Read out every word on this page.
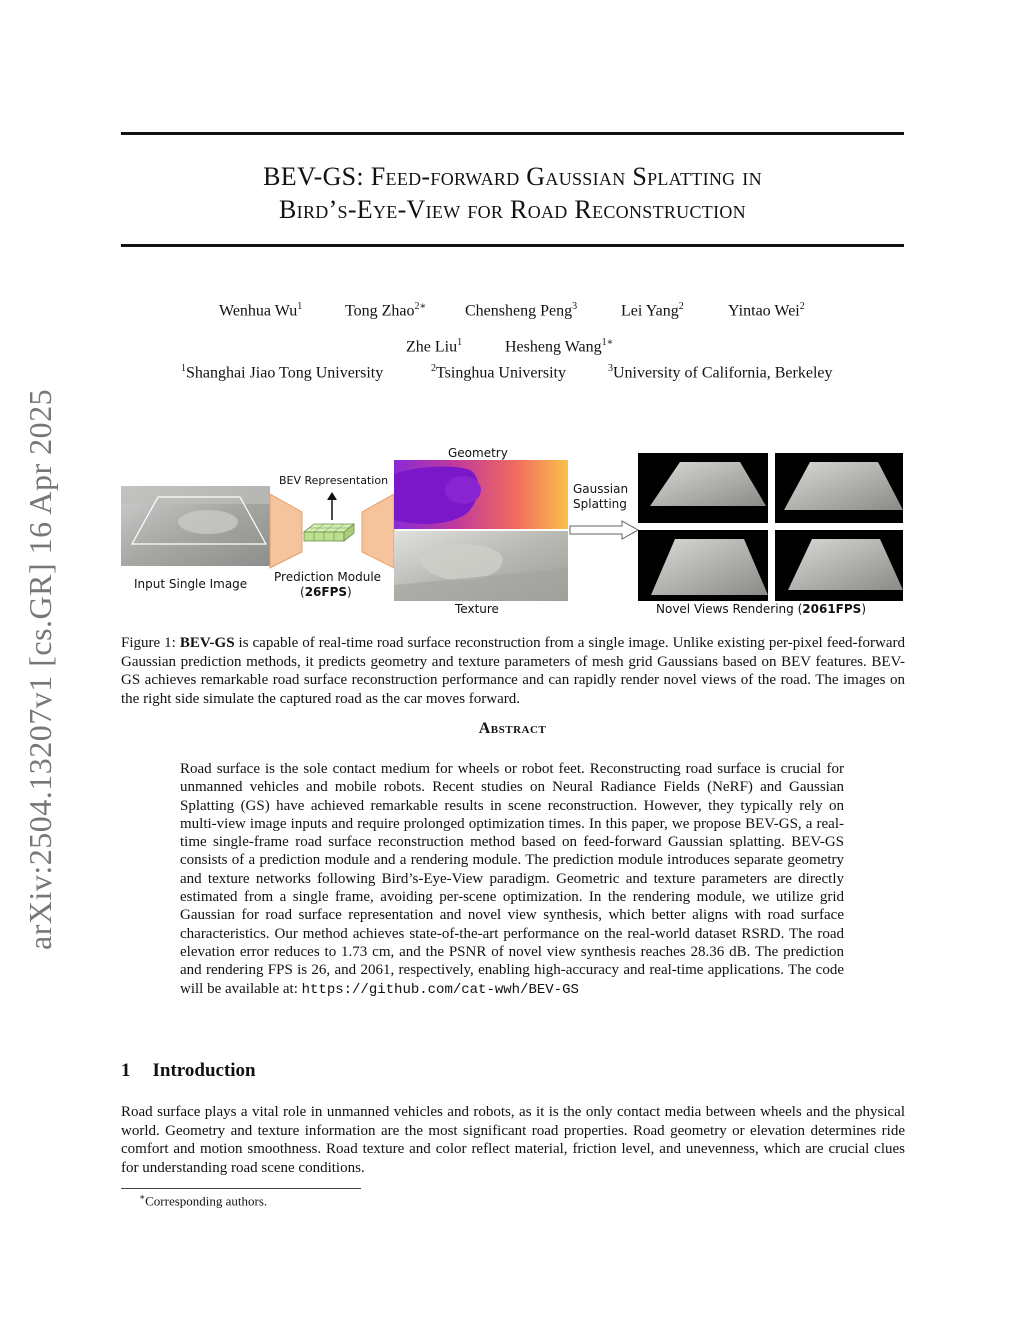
arXiv:2504.13207v1 [cs.GR] 16 Apr 2025
BEV-GS: Feed-forward Gaussian Splatting in
Bird’s-Eye-View for Road Reconstruction
Wenhua Wu$^1$	Tong Zhao$^{2∗}$ Chensheng Peng$^3$	Lei Yang$^2$	Yintao Wei$^2$
Zhe Liu$^1$	Hesheng Wang$^{1∗}$
$^1$Shanghai Jiao Tong University	$^2$Tsinghua University	$^3$University of California, Berkeley
Input Single Image
BEV Representation
Prediction Module
(26FPS)
Geometry
Texture
Gaussian
Splatting
Novel Views Rendering (2061FPS)
Figure 1: BEV-GS is capable of real-time road surface reconstruction from a single image. Unlike existing per-pixel feed-forward Gaussian prediction methods, it predicts geometry and texture parameters of mesh grid Gaussians based on BEV features. BEV-GS achieves remarkable road surface reconstruction performance and can rapidly render novel views of the road. The images on the right side simulate the captured road as the car moves forward.
Abstract
Road surface is the sole contact medium for wheels or robot feet. Reconstructing road surface is crucial for unmanned vehicles and mobile robots. Recent studies on Neural Radiance Fields (NeRF) and Gaussian Splatting (GS) have achieved remarkable results in scene reconstruction. However, they typically rely on multi-view image inputs and require prolonged optimization times. In this paper, we propose BEV-GS, a real-time single-frame road surface reconstruction method based on feed-forward Gaussian splatting. BEV-GS consists of a prediction module and a rendering module. The prediction module introduces separate geometry and texture networks following Bird’s-Eye-View paradigm. Geometric and texture parameters are directly estimated from a single frame, avoiding per-scene optimization. In the rendering module, we utilize grid Gaussian for road surface representation and novel view synthesis, which better aligns with road surface characteristics. Our method achieves state-of-the-art performance on the real-world dataset RSRD. The road elevation error reduces to 1.73 cm, and the PSNR of novel view synthesis reaches 28.36 dB. The prediction and rendering FPS is 26, and 2061, respectively, enabling high-accuracy and real-time applications. The code will be available at: https://github.com/cat-wwh/BEV-GS
1 Introduction
Road surface plays a vital role in unmanned vehicles and robots, as it is the only contact media between wheels and the physical world. Geometry and texture information are the most significant road properties. Road geometry or elevation determines ride comfort and motion smoothness. Road texture and color reflect material, friction level, and unevenness, which are crucial clues for understanding road scene conditions.
∗Corresponding authors.
